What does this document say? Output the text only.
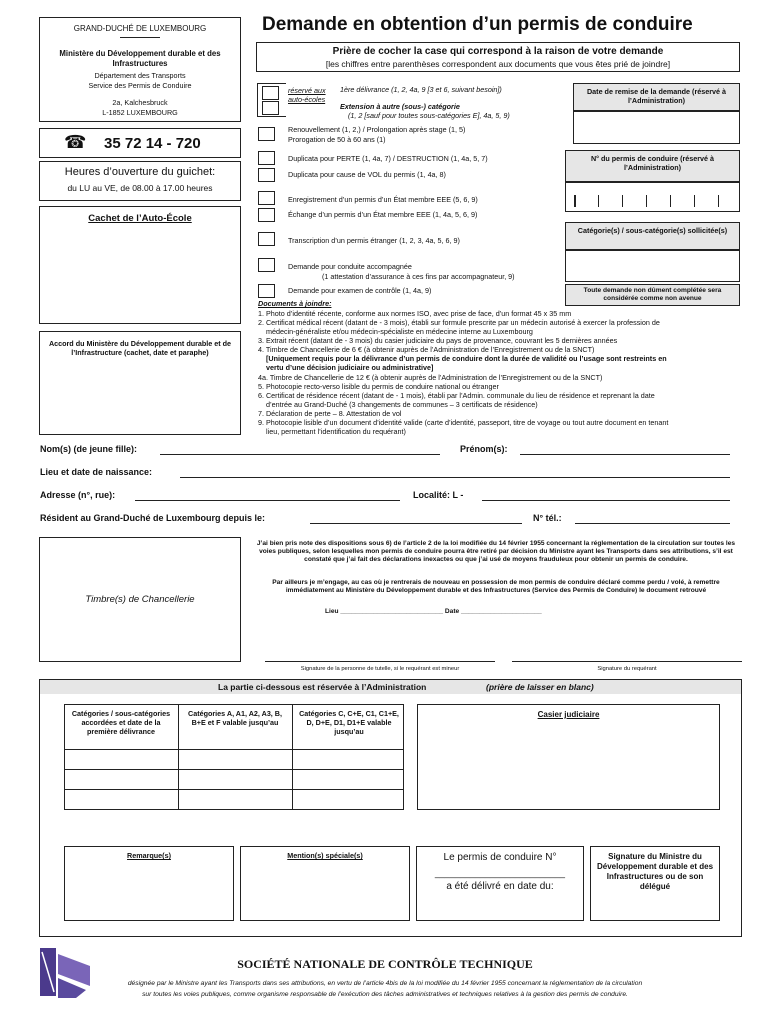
GRAND-DUCHÉ DE LUXEMBOURG
Ministère du Développement durable et des Infrastructures
Département des Transports
Service des Permis de Conduire
2a, Kalchesbruck
L-1852 LUXEMBOURG
☎ 35 72 14 - 720
Heures d’ouverture du guichet:
du LU au VE, de 08.00 à 17.00 heures
Cachet de l’Auto-École
Accord du Ministère du Développement durable et de l’Infrastructure (cachet, date et paraphe)
Demande en obtention d’un permis de conduire
Prière de cocher la case qui correspond à la raison de votre demande
[les chiffres entre parenthèses correspondent aux documents que vous êtes prié de joindre]
réservé aux auto-écoles
1ère délivrance (1, 2, 4a, 9 [3 et 6, suivant besoin])
Extension à autre (sous-) catégorie
(1, 2 [sauf pour toutes sous-catégories E], 4a, 5, 9)
Renouvellement (1, 2,) / Prolongation après stage (1, 5)
Prorogation de 50 à 60 ans (1)
Duplicata pour PERTE (1, 4a, 7) / DESTRUCTION (1, 4a, 5, 7)
Duplicata pour cause de VOL du permis (1, 4a, 8)
Enregistrement d’un permis d’un État membre EEE (5, 6, 9)
Échange d’un permis d’un État membre EEE (1, 4a, 5, 6, 9)
Transcription d’un permis étranger (1, 2, 3, 4a, 5, 6, 9)
Demande pour conduite accompagnée
(1 attestation d’assurance à ces fins par accompagnateur, 9)
Demande pour examen de contrôle (1, 4a, 9)
Date de remise de la demande (réservé à l’Administration)
N° du permis de conduire (réservé à l’Administration)
Catégorie(s) / sous-catégorie(s) sollicitée(s)
Toute demande non dûment complétée sera considérée comme non avenue
Documents à joindre:
1. Photo d’identité récente, conforme aux normes ISO, avec prise de face, d’un format 45 x 35 mm
2. Certificat médical récent (datant de - 3 mois), établi sur formule prescrite par un médecin autorisé à exercer la profession de
médecin-généraliste et/ou médecin-spécialiste en médecine interne au Luxembourg
3. Extrait récent (datant de - 3 mois) du casier judiciaire du pays de provenance, couvrant les 5 dernières années
4. Timbre de Chancellerie de 6 € (à obtenir auprès de l’Administration de l’Enregistrement ou de la SNCT)
[Uniquement requis pour la délivrance d’un permis de conduire dont la durée de validité ou l’usage sont restreints en
vertu d’une décision judiciaire ou administrative]
4a. Timbre de Chancellerie de 12 € (à obtenir auprès de l’Administration de l’Enregistrement ou de la SNCT)
5. Photocopie recto-verso lisible du permis de conduire national ou étranger
6. Certificat de résidence récent (datant de - 1 mois), établi par l’Admin. communale du lieu de résidence et reprenant la date
d’entrée au Grand-Duché (3 changements de communes – 3 certificats de résidence)
7. Déclaration de perte – 8. Attestation de vol
9. Photocopie lisible d’un document d’identité valide (carte d’identité, passeport, titre de voyage ou tout autre document en tenant
lieu, permettant l’identification du requérant)
Nom(s) (de jeune fille):	Prénom(s):
Lieu et date de naissance:
Adresse (n°, rue):	Localité: L -
Résident au Grand-Duché de Luxembourg depuis le:	N° tél.:
Timbre(s) de Chancellerie
J’ai bien pris note des dispositions sous 6) de l’article 2 de la loi modifiée du 14 février 1955 concernant la réglementation de la circulation sur toutes les voies publiques, selon lesquelles mon permis de conduire pourra être retiré par décision du Ministre ayant les Transports dans ses attributions, s’il est constaté que j’ai fait des déclarations inexactes ou que j’ai usé de moyens frauduleux pour obtenir un permis de conduire.
Par ailleurs je m’engage, au cas où je rentrerais de nouveau en possession de mon permis de conduire déclaré comme perdu / volé, à remettre immédiatement au Ministère du Développement durable et des Infrastructures (Service des Permis de Conduire) le document retrouvé
Lieu ____________________________ Date ______________________
Signature de la personne de tutelle, si le requérant est mineur	Signature du requérant
La partie ci-dessous est réservée à l’Administration	(prière de laisser en blanc)
Catégories / sous-catégories accordées et date de la première délivrance
Catégories A, A1, A2, A3, B, B+E et F valable jusqu’au
Catégories C, C+E, C1, C1+E, D, D+E, D1, D1+E valable jusqu’au
Casier judiciaire
Remarque(s)	Mention(s) spéciale(s)	Le permis de conduire N°
__________________________
a été délivré en date du:
Signature du Ministre du Développement durable et des Infrastructures ou de son délégué
SOCIÉTÉ NATIONALE DE CONTRÔLE TECHNIQUE
désignée par le Ministre ayant les Transports dans ses attributions, en vertu de l’article 4bis de la loi modifiée du 14 février 1955 concernant la réglementation de la circulation
sur toutes les voies publiques, comme organisme responsable de l’exécution des tâches administratives et techniques relatives à la gestion des permis de conduire.
